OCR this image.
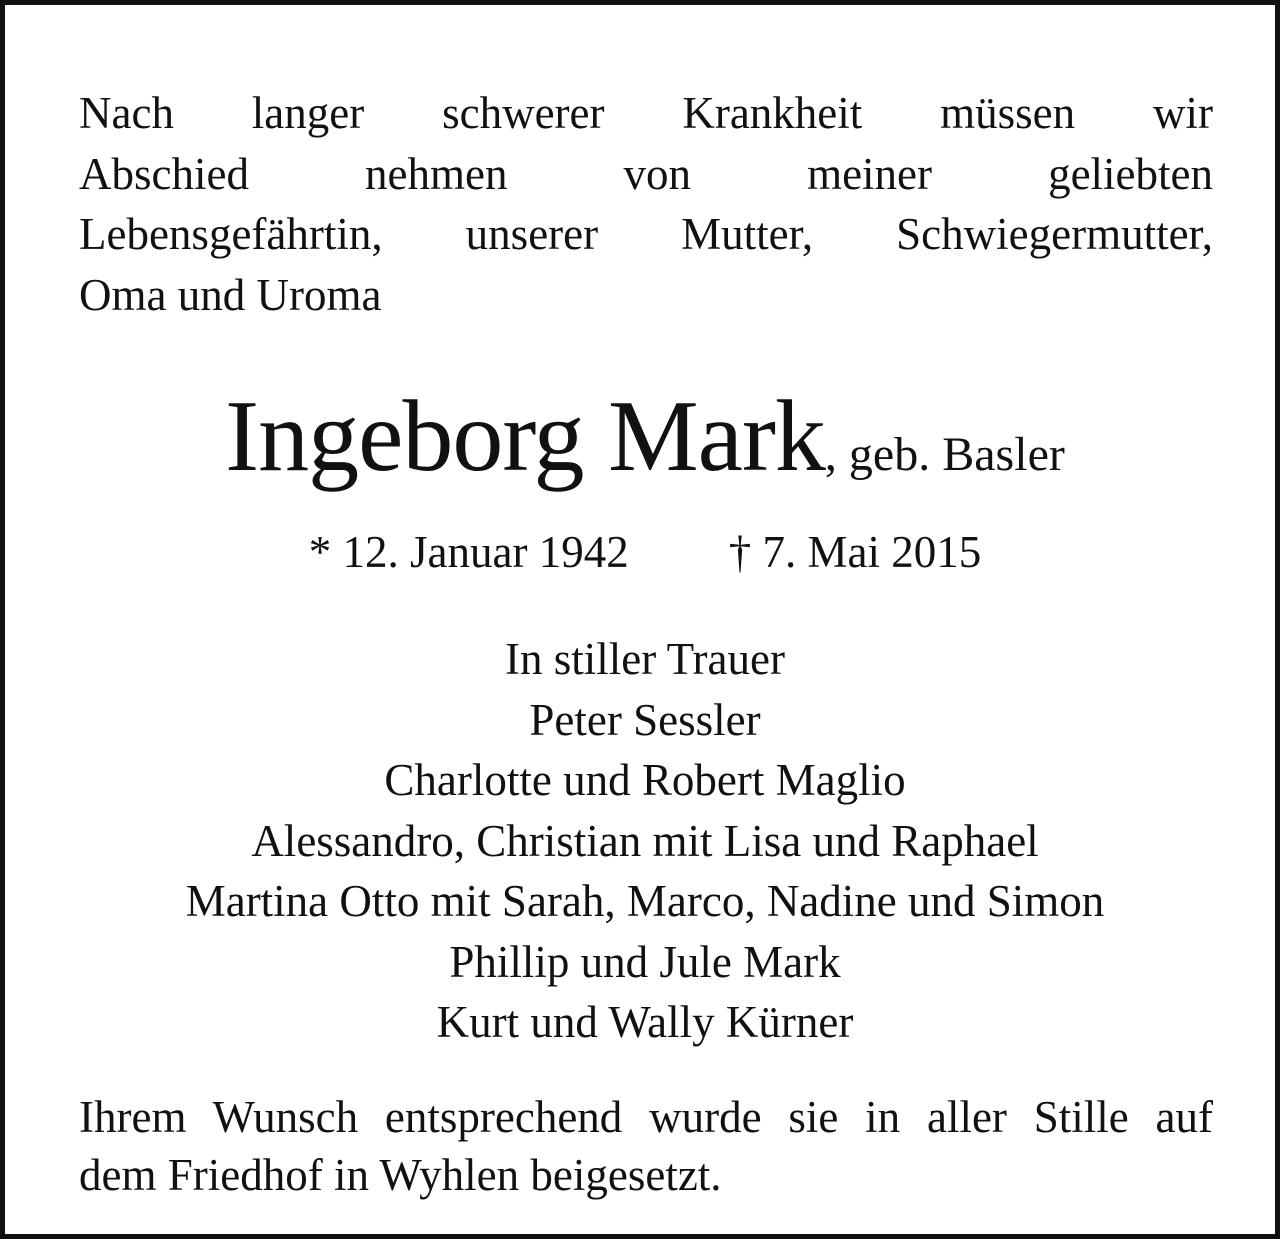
Nach langer schwerer Krankheit müssen wir
Abschied nehmen von meiner geliebten
Lebensgefährtin, unserer Mutter, Schwiegermutter,
Oma und Uroma
Ingeborg Mark, geb. Basler
* 12. Januar 1942 † 7. Mai 2015
In stiller Trauer
Peter Sessler
Charlotte und Robert Maglio
Alessandro, Christian mit Lisa und Raphael
Martina Otto mit Sarah, Marco, Nadine und Simon
Phillip und Jule Mark
Kurt und Wally Kürner
Ihrem Wunsch entsprechend wurde sie in aller Stille auf
dem Friedhof in Wyhlen beigesetzt.
